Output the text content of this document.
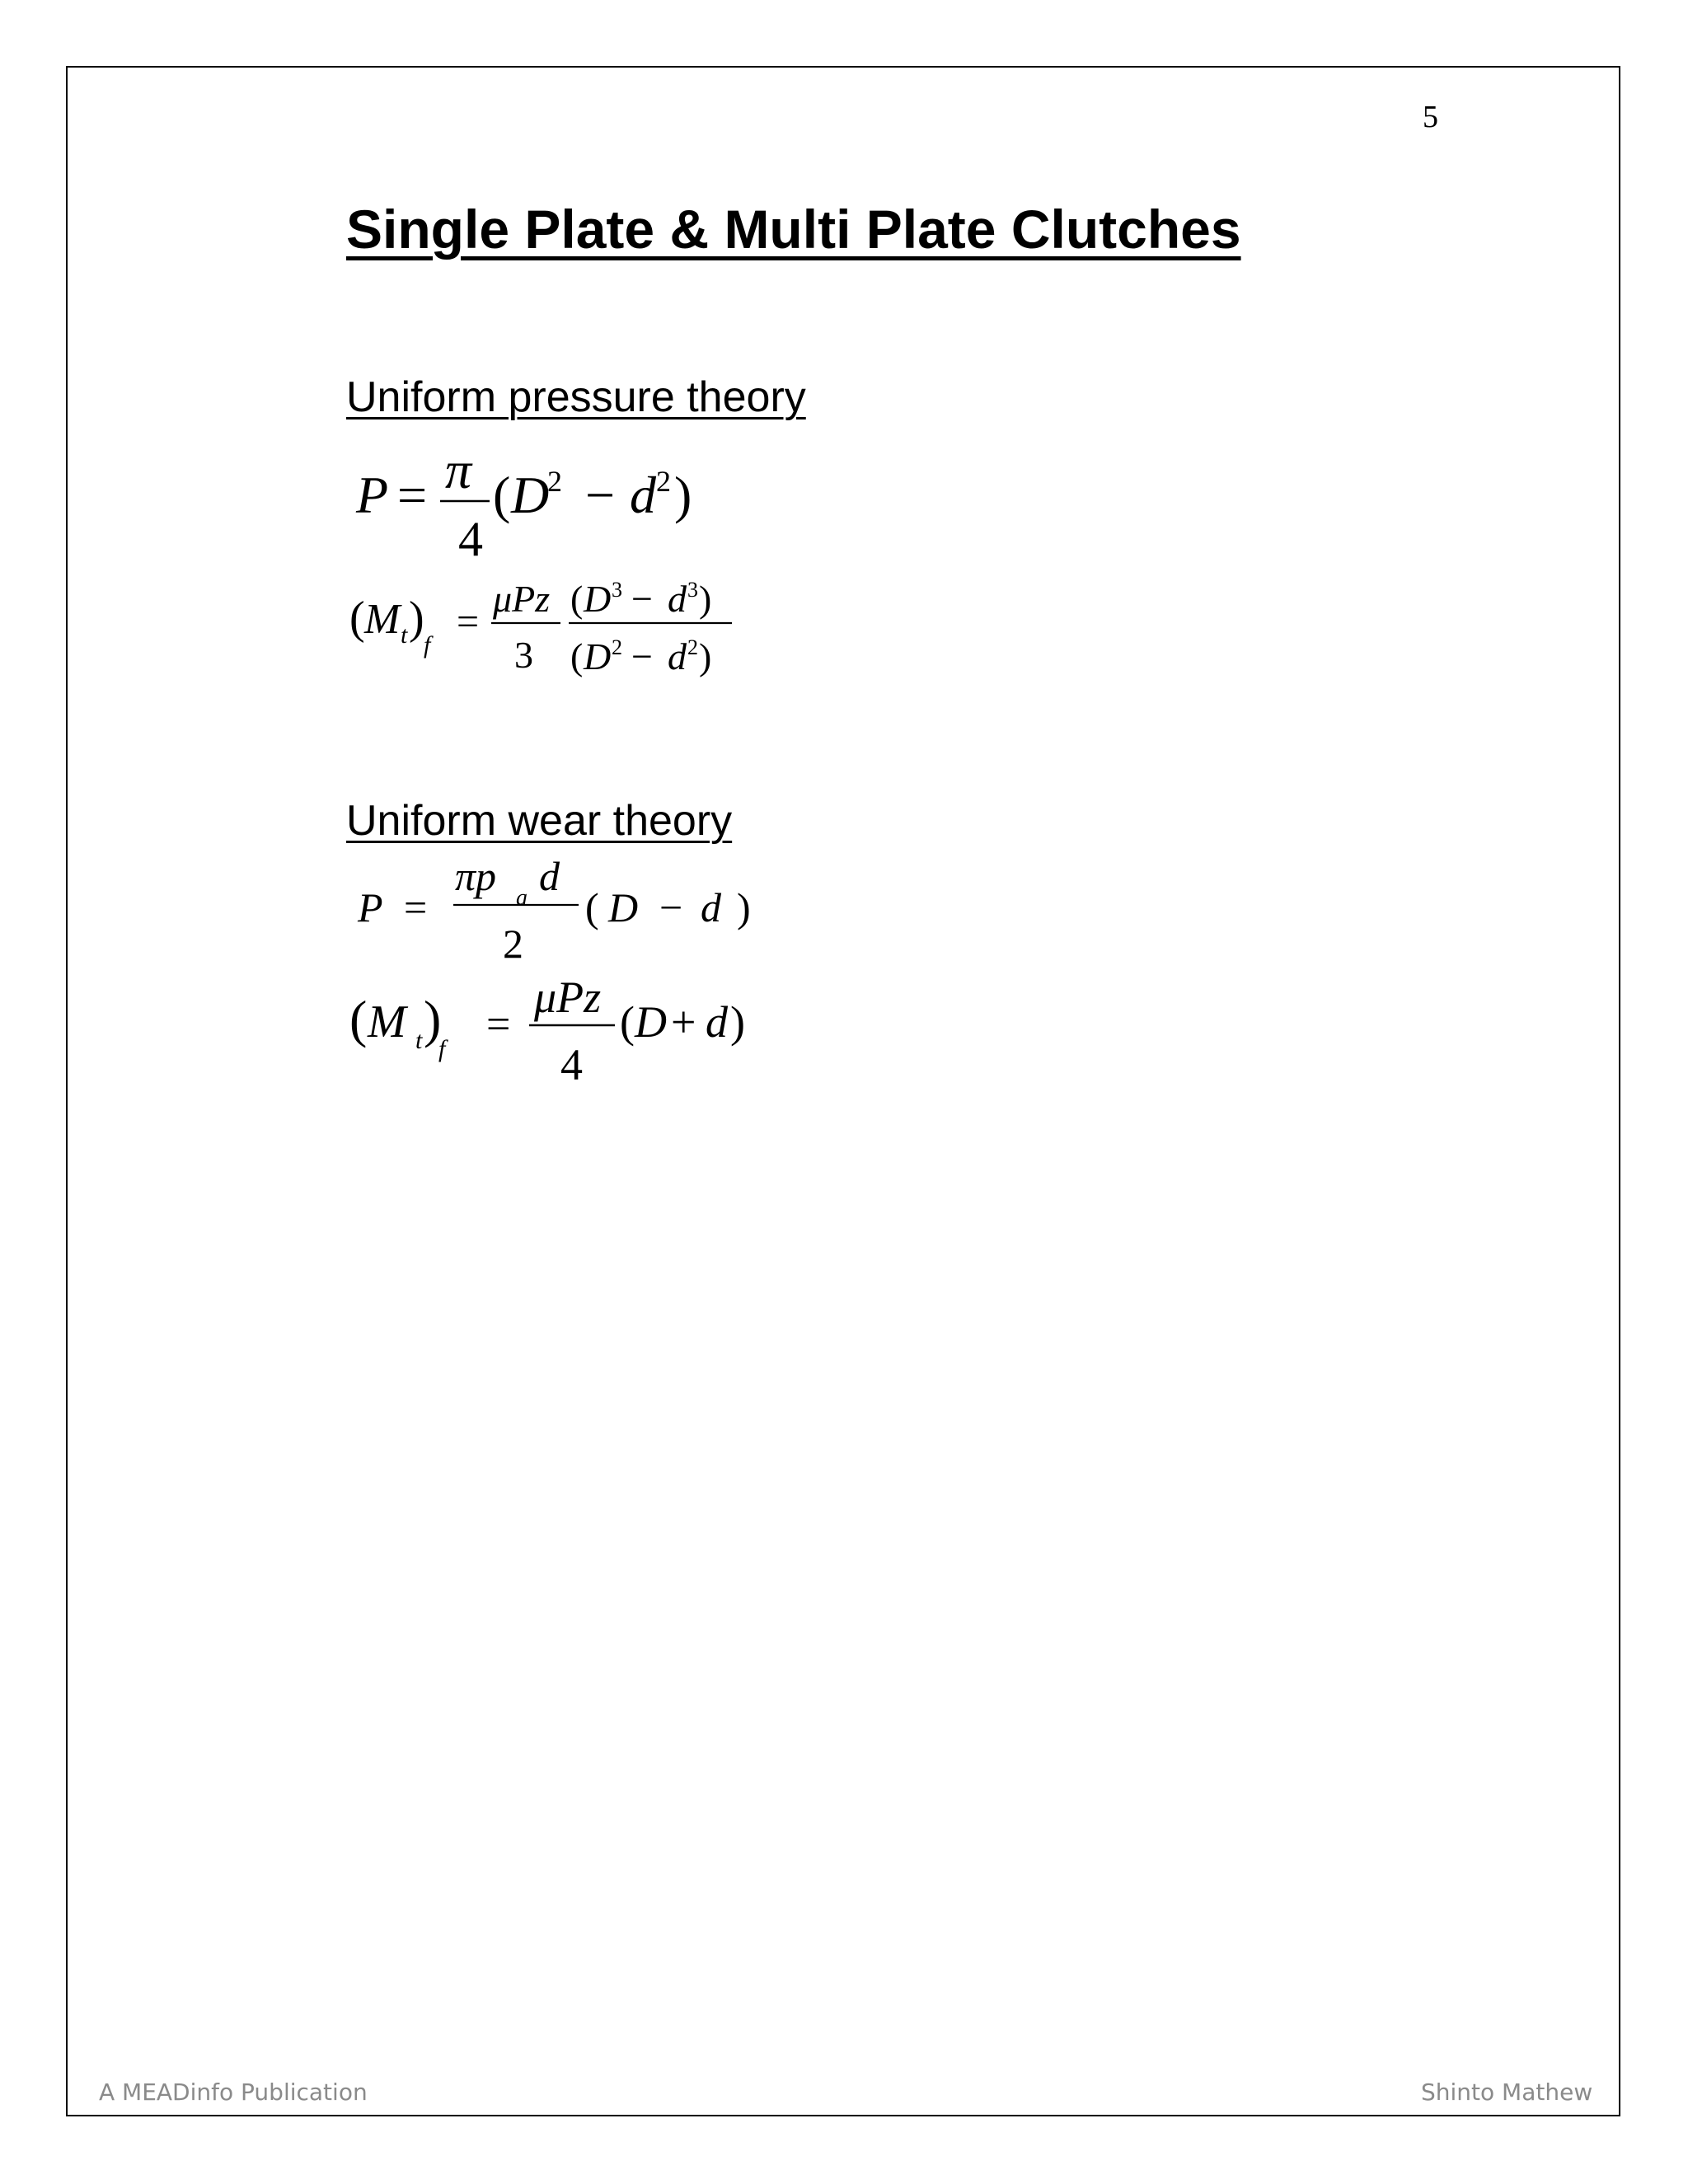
5
Single Plate & Multi Plate Clutches
Uniform pressure theory
P = π
4
( D
2 − d 2 )
( M t )
f
=
μPz
3
( D 3 − d 3 )
( D 2 − d 2 )
Uniform wear theory
P =
πp a d
2
( D − d )
( M t )
f
=
μPz
4
( D + d )
A MEADinfo Publication	Shinto Mathew
